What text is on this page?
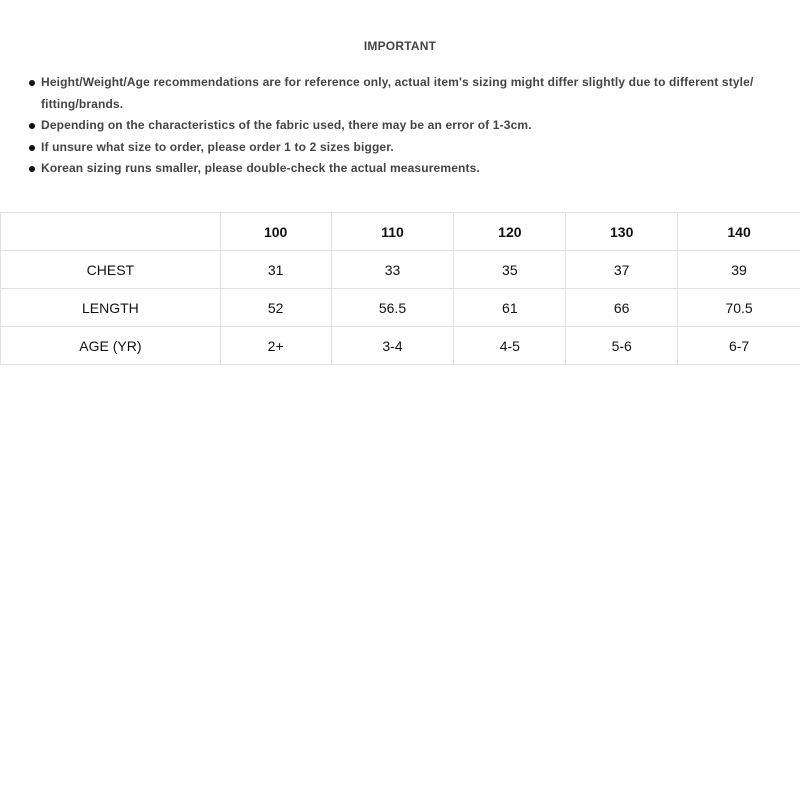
IMPORTANT
Height/Weight/Age recommendations are for reference only, actual item's sizing might differ slightly due to different style/ fitting/brands.
Depending on the characteristics of the fabric used, there may be an error of 1-3cm.
If unsure what size to order, please order 1 to 2 sizes bigger.
Korean sizing runs smaller, please double-check the actual measurements.
	100	110	120	130	140
CHEST	31	33	35	37	39
LENGTH	52	56.5	61	66	70.5
AGE (YR)	2+	3-4	4-5	5-6	6-7
